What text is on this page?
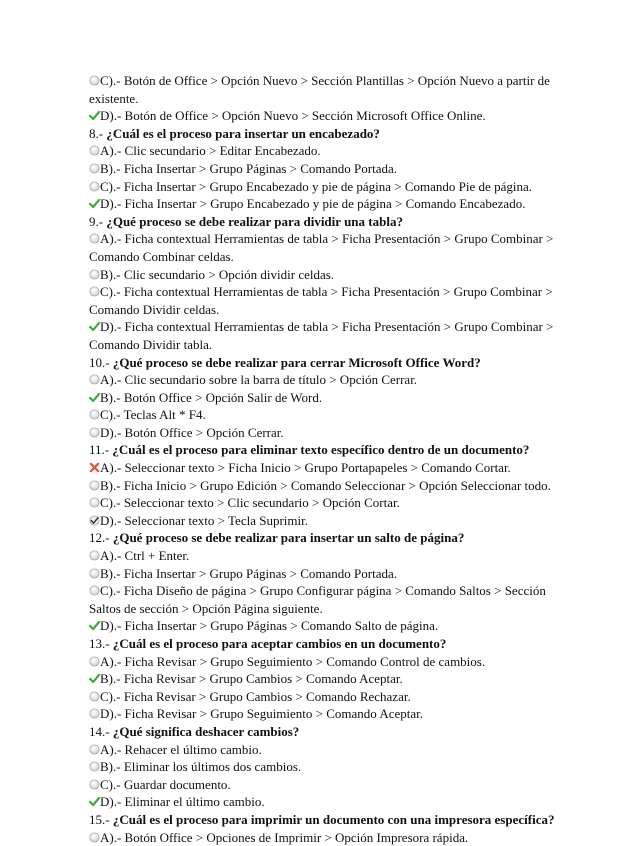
C).- Botón de Office > Opción Nuevo > Sección Plantillas > Opción Nuevo a partir de existente.
D).- Botón de Office > Opción Nuevo > Sección Microsoft Office Online.
8.- ¿Cuál es el proceso para insertar un encabezado?
A).- Clic secundario > Editar Encabezado.
B).- Ficha Insertar > Grupo Páginas > Comando Portada.
C).- Ficha Insertar > Grupo Encabezado y pie de página > Comando Pie de página.
D).- Ficha Insertar > Grupo Encabezado y pie de página > Comando Encabezado.
9.- ¿Qué proceso se debe realizar para dividir una tabla?
A).- Ficha contextual Herramientas de tabla > Ficha Presentación > Grupo Combinar > Comando Combinar celdas.
B).- Clic secundario > Opción dividir celdas.
C).- Ficha contextual Herramientas de tabla > Ficha Presentación > Grupo Combinar > Comando Dividir celdas.
D).- Ficha contextual Herramientas de tabla > Ficha Presentación > Grupo Combinar > Comando Dividir tabla.
10.- ¿Qué proceso se debe realizar para cerrar Microsoft Office Word?
A).- Clic secundario sobre la barra de título > Opción Cerrar.
B).- Botón Office > Opción Salir de Word.
C).- Teclas Alt * F4.
D).- Botón Office > Opción Cerrar.
11.- ¿Cuál es el proceso para eliminar texto específico dentro de un documento?
A).- Seleccionar texto > Ficha Inicio > Grupo Portapapeles > Comando Cortar.
B).- Ficha Inicio > Grupo Edición > Comando Seleccionar > Opción Seleccionar todo.
C).- Seleccionar texto > Clic secundario > Opción Cortar.
D).- Seleccionar texto > Tecla Suprimir.
12.- ¿Qué proceso se debe realizar para insertar un salto de página?
A).- Ctrl + Enter.
B).- Ficha Insertar > Grupo Páginas > Comando Portada.
C).- Ficha Diseño de página > Grupo Configurar página > Comando Saltos > Sección Saltos de sección > Opción Página siguiente.
D).- Ficha Insertar > Grupo Páginas > Comando Salto de página.
13.- ¿Cuál es el proceso para aceptar cambios en un documento?
A).- Ficha Revisar > Grupo Seguimiento > Comando Control de cambios.
B).- Ficha Revisar > Grupo Cambios > Comando Aceptar.
C).- Ficha Revisar > Grupo Cambios > Comando Rechazar.
D).- Ficha Revisar > Grupo Seguimiento > Comando Aceptar.
14.- ¿Qué significa deshacer cambios?
A).- Rehacer el último cambio.
B).- Eliminar los últimos dos cambios.
C).- Guardar documento.
D).- Eliminar el último cambio.
15.- ¿Cuál es el proceso para imprimir un documento con una impresora específica?
A).- Botón Office > Opciones de Imprimir > Opción Impresora rápida.
